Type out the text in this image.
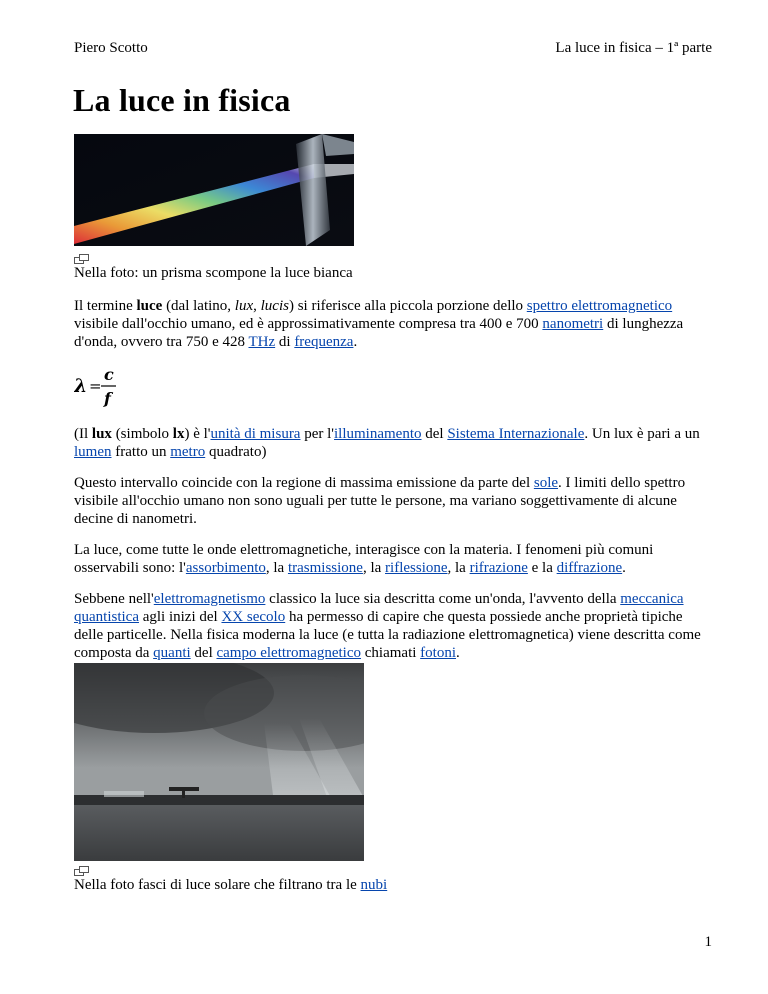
Piero Scotto	La luce in fisica – 1ª parte
La luce in fisica
Nella foto: un prisma scompone la luce bianca

Il termine luce (dal latino, lux, lucis) si riferisce alla piccola porzione dello spettro elettromagnetico visibile dall'occhio umano, ed è approssimativamente compresa tra 400 e 700 nanometri di lunghezza d'onda, ovvero tra 750 e 428 THz di frequenza.

λ =
c
f

(Il lux (simbolo lx) è l'unità di misura per l'illuminamento del Sistema Internazionale. Un lux è pari a un lumen fratto un metro quadrato)

Questo intervallo coincide con la regione di massima emissione da parte del sole. I limiti dello spettro visibile all'occhio umano non sono uguali per tutte le persone, ma variano soggettivamente di alcune decine di nanometri.

La luce, come tutte le onde elettromagnetiche, interagisce con la materia. I fenomeni più comuni osservabili sono: l'assorbimento, la trasmissione, la riflessione, la rifrazione e la diffrazione.

Sebbene nell'elettromagnetismo classico la luce sia descritta come un'onda, l'avvento della meccanica quantistica agli inizi del XX secolo ha permesso di capire che questa possiede anche proprietà tipiche delle particelle. Nella fisica moderna la luce (e tutta la radiazione elettromagnetica) viene descritta come composta da quanti del campo elettromagnetico chiamati fotoni.

Nella foto fasci di luce solare che filtrano tra le nubi
1
